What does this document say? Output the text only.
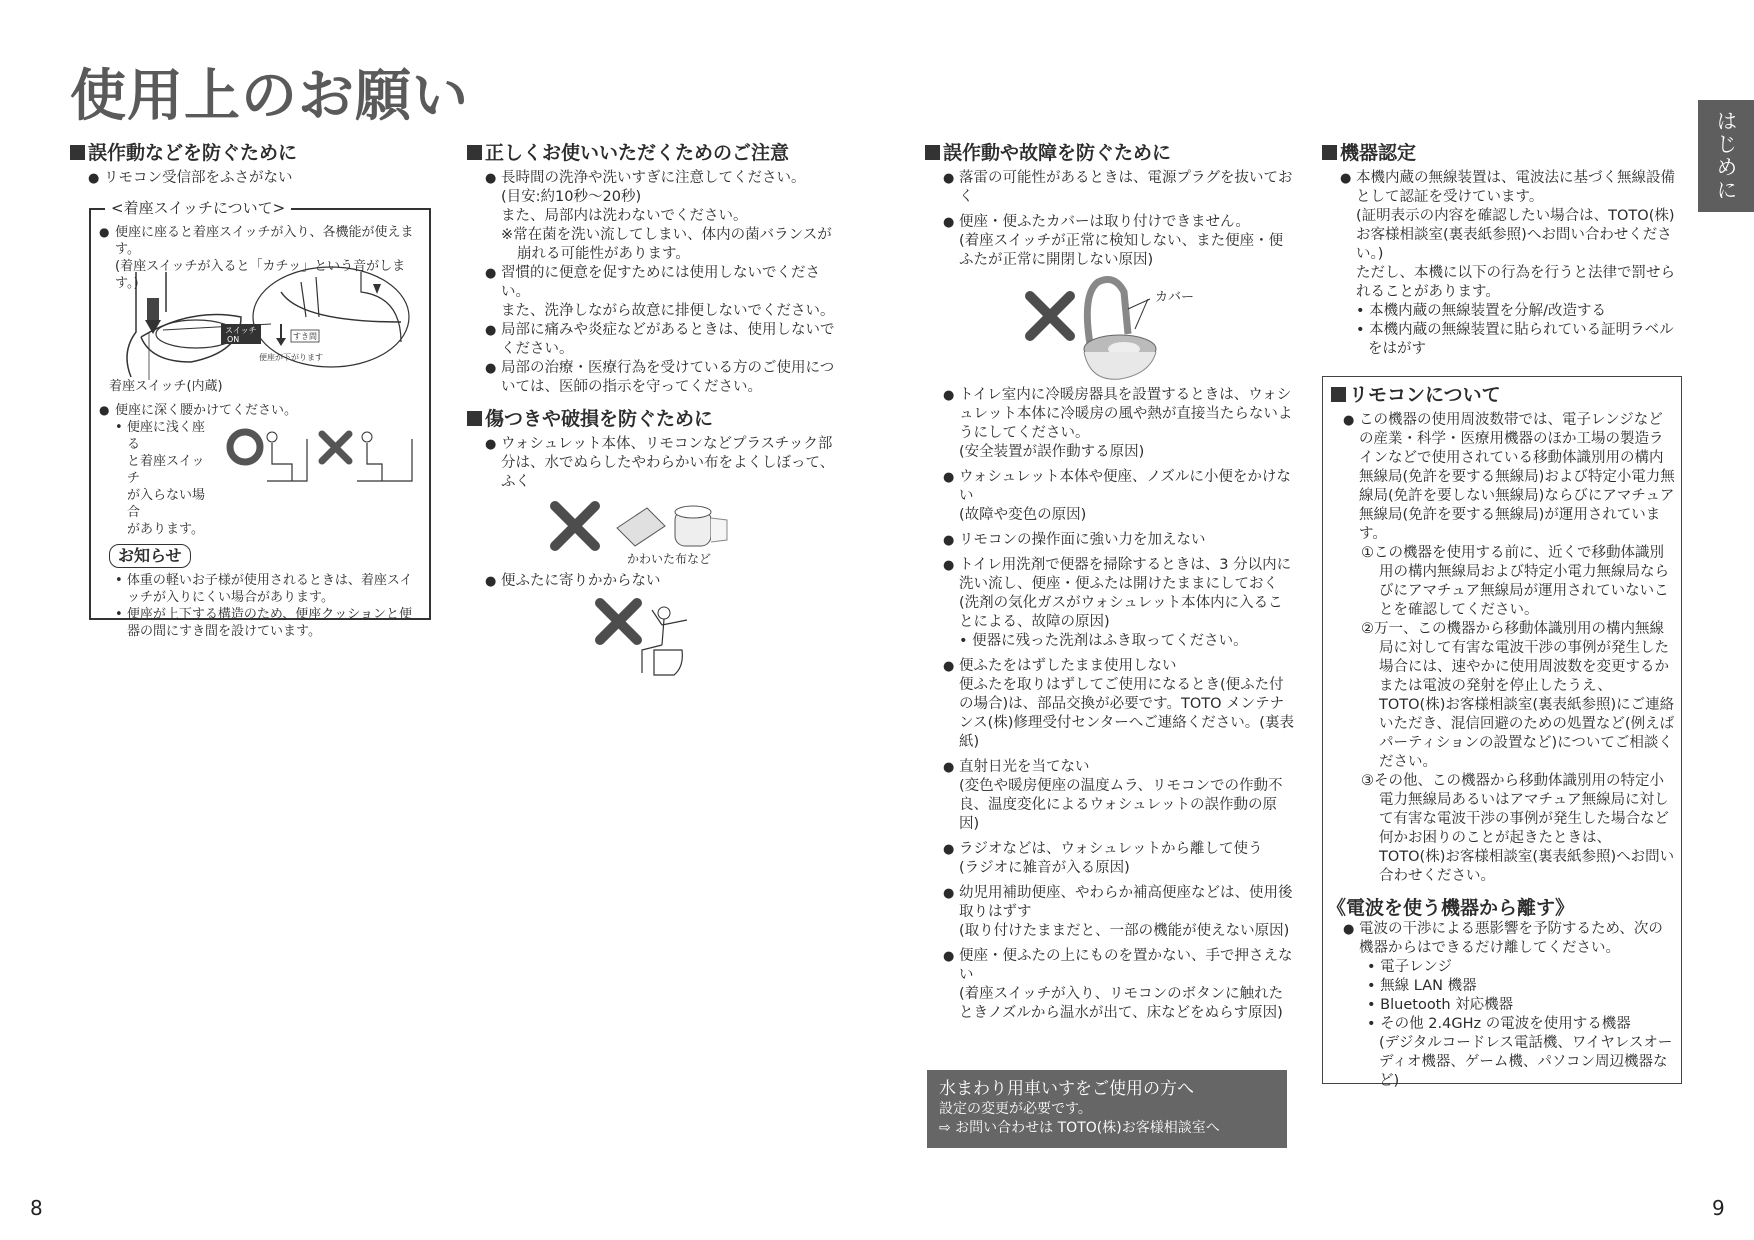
使用上のお願い
はじめに
誤作動などを防ぐために

● リモコン受信部をふさがない

<着座スイッチについて>

● 便座に座ると着座スイッチが入り、各機能が使えます。

(着座スイッチが入ると「カチッ」という音がします。)

スイッチ
ON	すき間
便座が下がります
着座スイッチ(内蔵)

● 便座に深く腰かけてください。

• 便座に浅く座る

と着座スイッチ

が入らない場合

があります。

お知らせ

• 体重の軽いお子様が使用されるときは、着座スイッチが入りにくい場合があります。

• 便座が上下する構造のため、便座クッションと便器の間にすき間を設けています。

正しくお使いいただくためのご注意

● 長時間の洗浄や洗いすぎに注意してください。

(目安:約10秒〜20秒)

また、局部内は洗わないでください。

※常在菌を洗い流してしまい、体内の菌バランスが崩れる可能性があります。

● 習慣的に便意を促すためには使用しないでください。

また、洗浄しながら故意に排便しないでください。

● 局部に痛みや炎症などがあるときは、使用しないでください。

● 局部の治療・医療行為を受けている方のご使用については、医師の指示を守ってください。

傷つきや破損を防ぐために

● ウォシュレット本体、リモコンなどプラスチック部分は、水でぬらしたやわらかい布をよくしぼって、ふく

かわいた布など

● 便ふたに寄りかからない

誤作動や故障を防ぐために

● 落雷の可能性があるときは、電源プラグを抜いておく

● 便座・便ふたカバーは取り付けできません。

(着座スイッチが正常に検知しない、また便座・便ふたが正常に開閉しない原因)

カバー

● トイレ室内に冷暖房器具を設置するときは、ウォシュレット本体に冷暖房の風や熱が直接当たらないようにしてください。

(安全装置が誤作動する原因)

● ウォシュレット本体や便座、ノズルに小便をかけない

(故障や変色の原因)

● リモコンの操作面に強い力を加えない

● トイレ用洗剤で便器を掃除するときは、3 分以内に洗い流し、便座・便ふたは開けたままにしておく

(洗剤の気化ガスがウォシュレット本体内に入ることによる、故障の原因)

• 便器に残った洗剤はふき取ってください。

● 便ふたをはずしたまま使用しない

便ふたを取りはずしてご使用になるとき(便ふた付の場合)は、部品交換が必要です。TOTO メンテナンス(株)修理受付センターへご連絡ください。(裏表紙)

● 直射日光を当てない

(変色や暖房便座の温度ムラ、リモコンでの作動不良、温度変化によるウォシュレットの誤作動の原因)

● ラジオなどは、ウォシュレットから離して使う

(ラジオに雑音が入る原因)

● 幼児用補助便座、やわらか補高便座などは、使用後取りはずす

(取り付けたままだと、一部の機能が使えない原因)

● 便座・便ふたの上にものを置かない、手で押さえない

(着座スイッチが入り、リモコンのボタンに触れたときノズルから温水が出て、床などをぬらす原因)

水まわり用車いすをご使用の方へ
設定の変更が必要です。
⇨ お問い合わせは TOTO(株)お客様相談室へ
機器認定

● 本機内蔵の無線装置は、電波法に基づく無線設備として認証を受けています。

(証明表示の内容を確認したい場合は、TOTO(株)お客様相談室(裏表紙参照)へお問い合わせください。)

ただし、本機に以下の行為を行うと法律で罰せられることがあります。

• 本機内蔵の無線装置を分解/改造する

• 本機内蔵の無線装置に貼られている証明ラベルをはがす

リモコンについて

● この機器の使用周波数帯では、電子レンジなどの産業・科学・医療用機器のほか工場の製造ラインなどで使用されている移動体識別用の構内無線局(免許を要する無線局)および特定小電力無線局(免許を要しない無線局)ならびにアマチュア無線局(免許を要する無線局)が運用されています。

①この機器を使用する前に、近くで移動体識別用の構内無線局および特定小電力無線局ならびにアマチュア無線局が運用されていないことを確認してください。

②万一、この機器から移動体識別用の構内無線局に対して有害な電波干渉の事例が発生した場合には、速やかに使用周波数を変更するかまたは電波の発射を停止したうえ、TOTO(株)お客様相談室(裏表紙参照)にご連絡いただき、混信回避のための処置など(例えばパーティションの設置など)についてご相談ください。

③その他、この機器から移動体識別用の特定小電力無線局あるいはアマチュア無線局に対して有害な電波干渉の事例が発生した場合など何かお困りのことが起きたときは、TOTO(株)お客様相談室(裏表紙参照)へお問い合わせください。

《電波を使う機器から離す》

● 電波の干渉による悪影響を予防するため、次の機器からはできるだけ離してください。

• 電子レンジ

• 無線 LAN 機器

• Bluetooth 対応機器

• その他 2.4GHz の電波を使用する機器

(デジタルコードレス電話機、ワイヤレスオーディオ機器、ゲーム機、パソコン周辺機器など)

8	9
